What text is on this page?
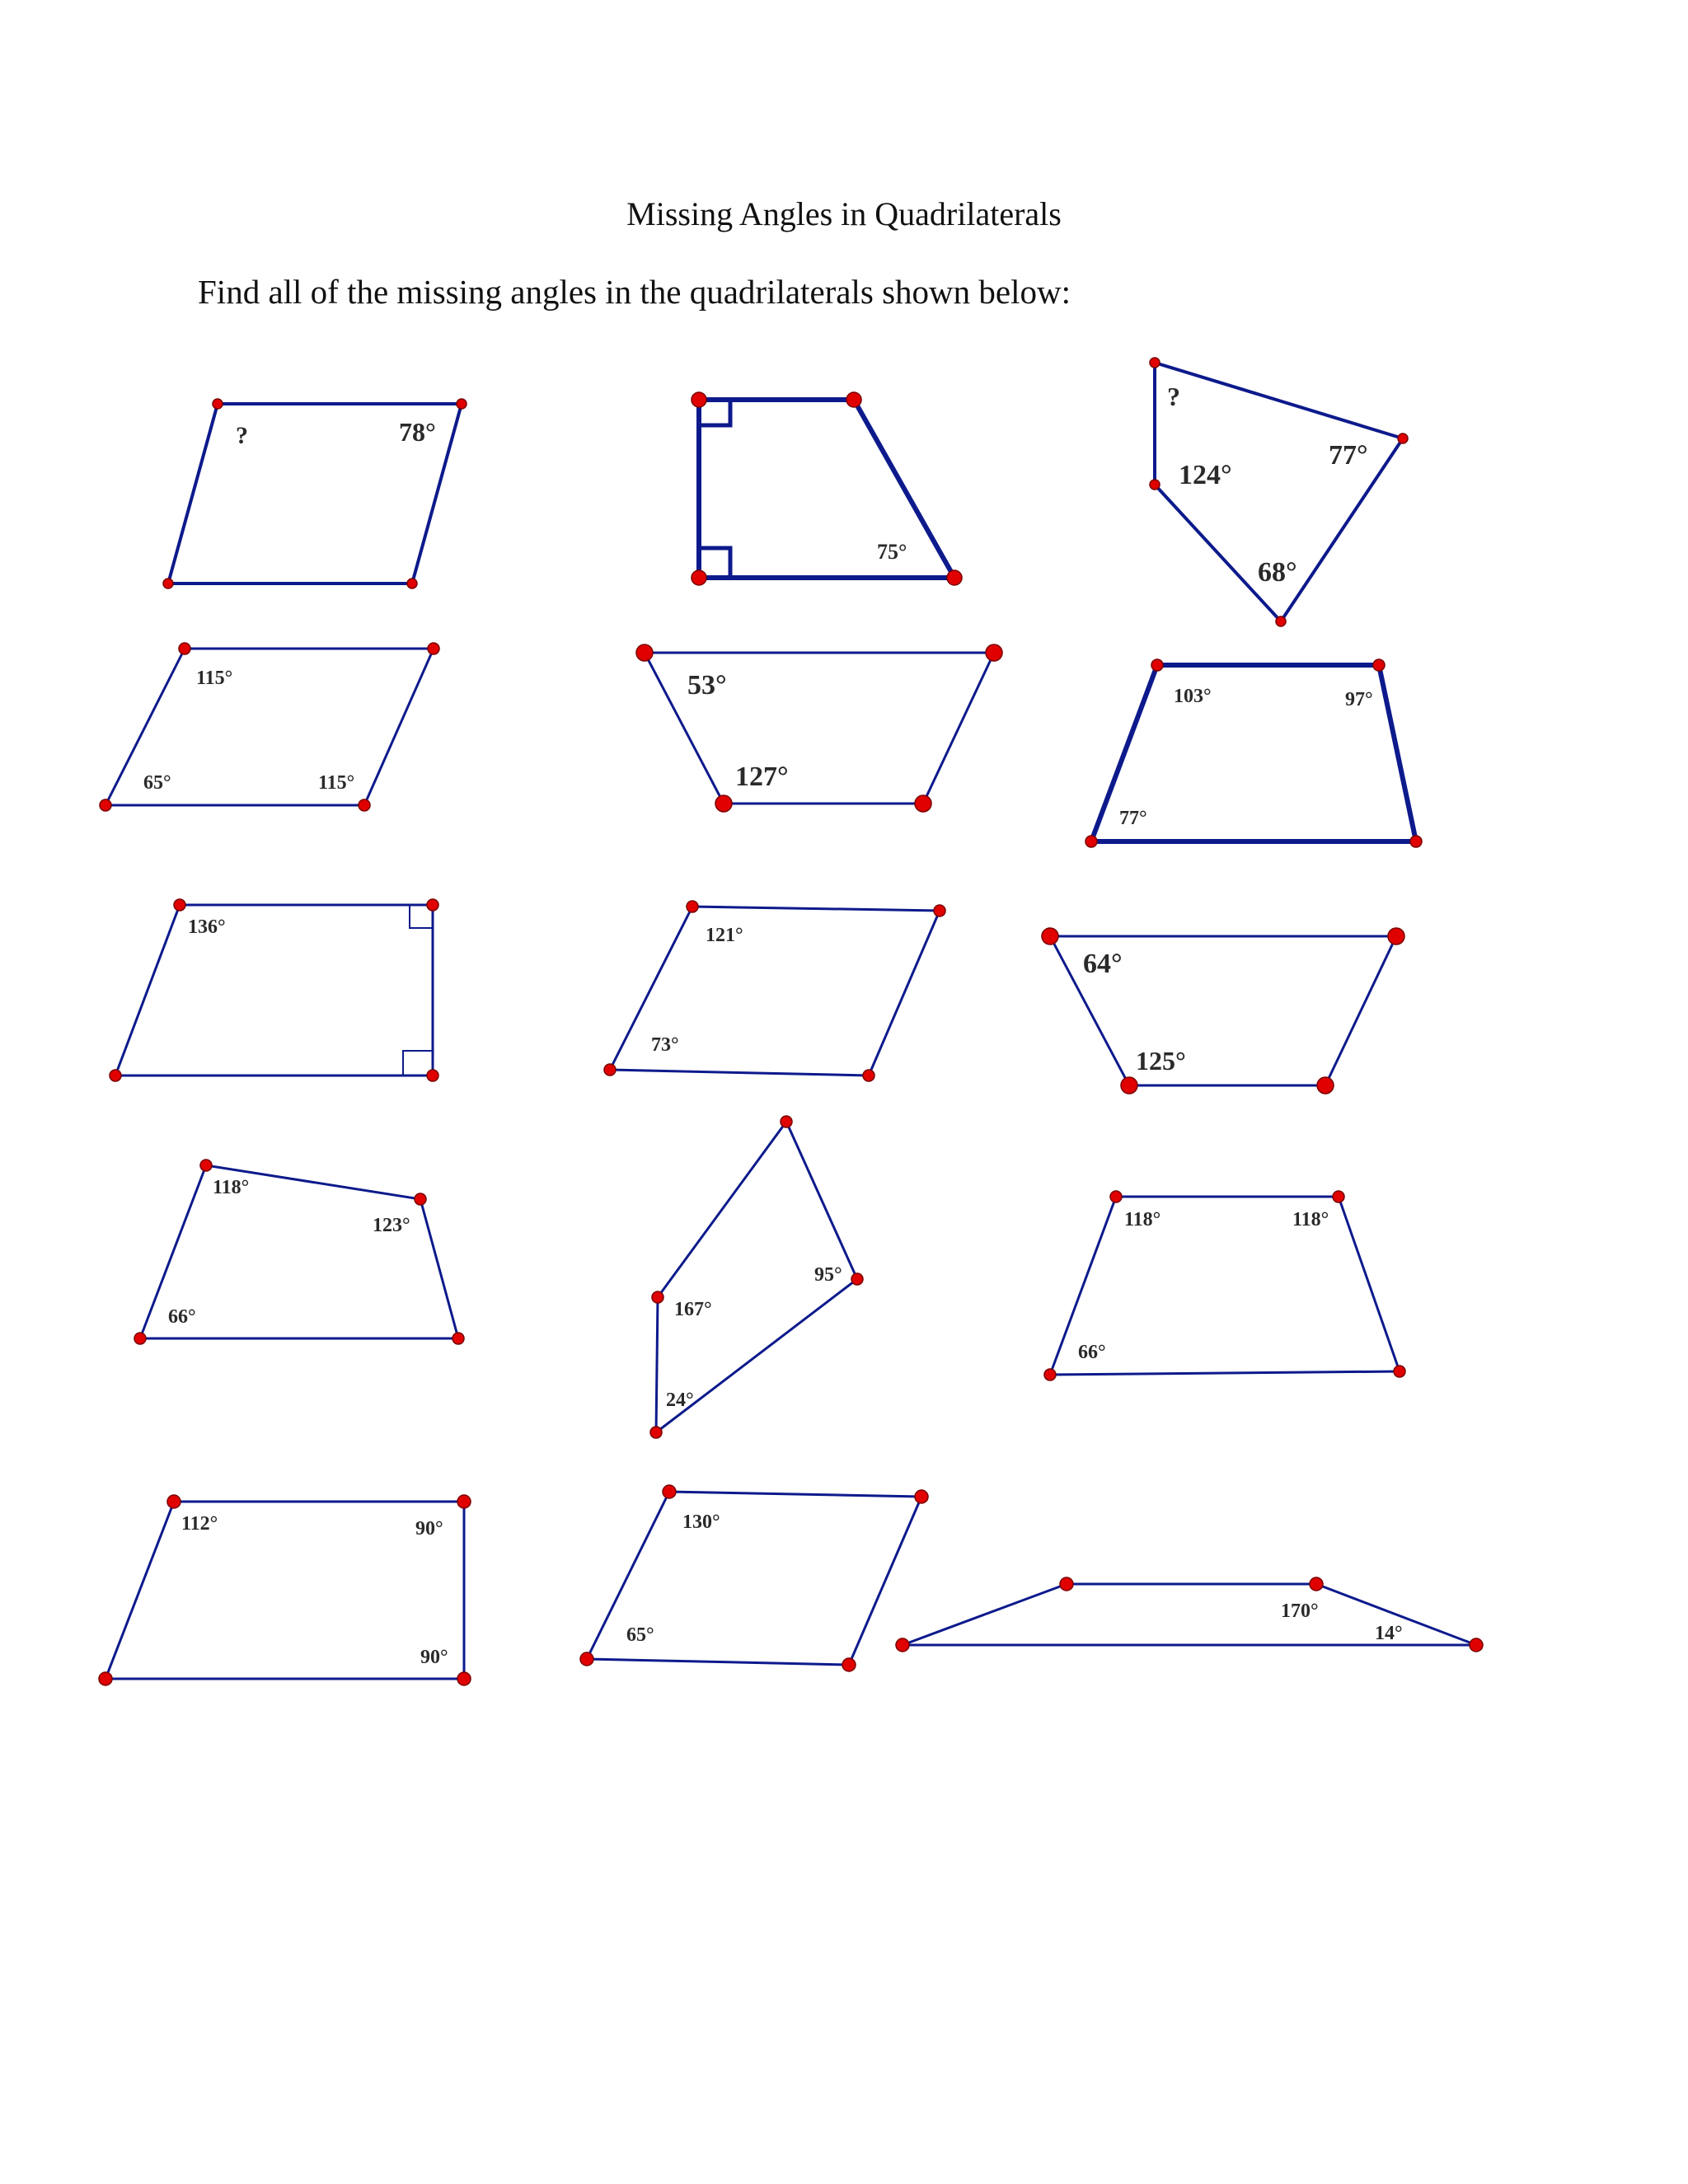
Missing Angles in Quadrilaterals
Find all of the missing angles in the quadrilaterals shown below:
?	78°
75°
?
124°
77°
68°
115°
65°	115°
53°
127°
103°	97°
77°
136°	121°
73°
64°
125°
118°
123°
66°
95°
167°
24°
118°	118°
66°
112°	90°
90°
130°
65°
170°
14°
